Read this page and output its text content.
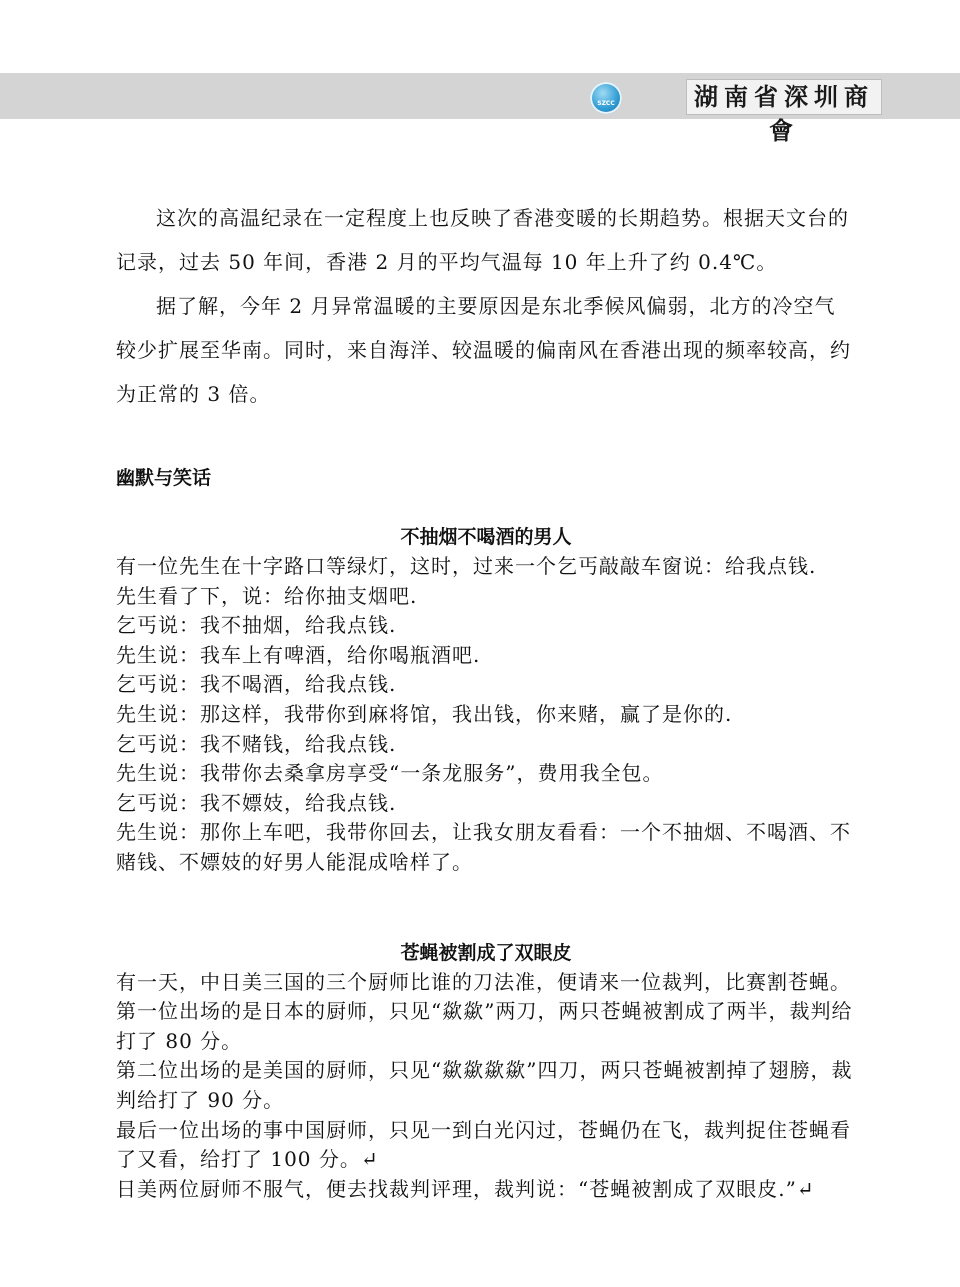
SZCC	湖南省深圳商會

这次的高温纪录在一定程度上也反映了香港变暖的长期趋势。根据天文台的记录，过去 50 年间，香港 2 月的平均气温每 10 年上升了约 0.4℃。

据了解，今年 2 月异常温暖的主要原因是东北季候风偏弱，北方的冷空气较少扩展至华南。同时，来自海洋、较温暖的偏南风在香港出现的频率较高，约为正常的 3 倍。

幽默与笑话
不抽烟不喝酒的男人

有一位先生在十字路口等绿灯，这时，过来一个乞丐敲敲车窗说：给我点钱.

先生看了下，说：给你抽支烟吧.

乞丐说：我不抽烟，给我点钱.

先生说：我车上有啤酒，给你喝瓶酒吧.

乞丐说：我不喝酒，给我点钱.

先生说：那这样，我带你到麻将馆，我出钱，你来赌，赢了是你的.

乞丐说：我不赌钱，给我点钱.

先生说：我带你去桑拿房享受“一条龙服务”，费用我全包。

乞丐说：我不嫖妓，给我点钱.

先生说：那你上车吧，我带你回去，让我女朋友看看：一个不抽烟、不喝酒、不赌钱、不嫖妓的好男人能混成啥样了。

苍蝇被割成了双眼皮

有一天，中日美三国的三个厨师比谁的刀法准，便请来一位裁判，比赛割苍蝇。

第一位出场的是日本的厨师，只见“歘歘”两刀，两只苍蝇被割成了两半，裁判给打了 80 分。

第二位出场的是美国的厨师，只见“歘歘歘歘”四刀，两只苍蝇被割掉了翅膀，裁判给打了 90 分。

最后一位出场的事中国厨师，只见一到白光闪过，苍蝇仍在飞，裁判捉住苍蝇看了又看，给打了 100 分。↵

日美两位厨师不服气，便去找裁判评理，裁判说：“苍蝇被割成了双眼皮.”↵
